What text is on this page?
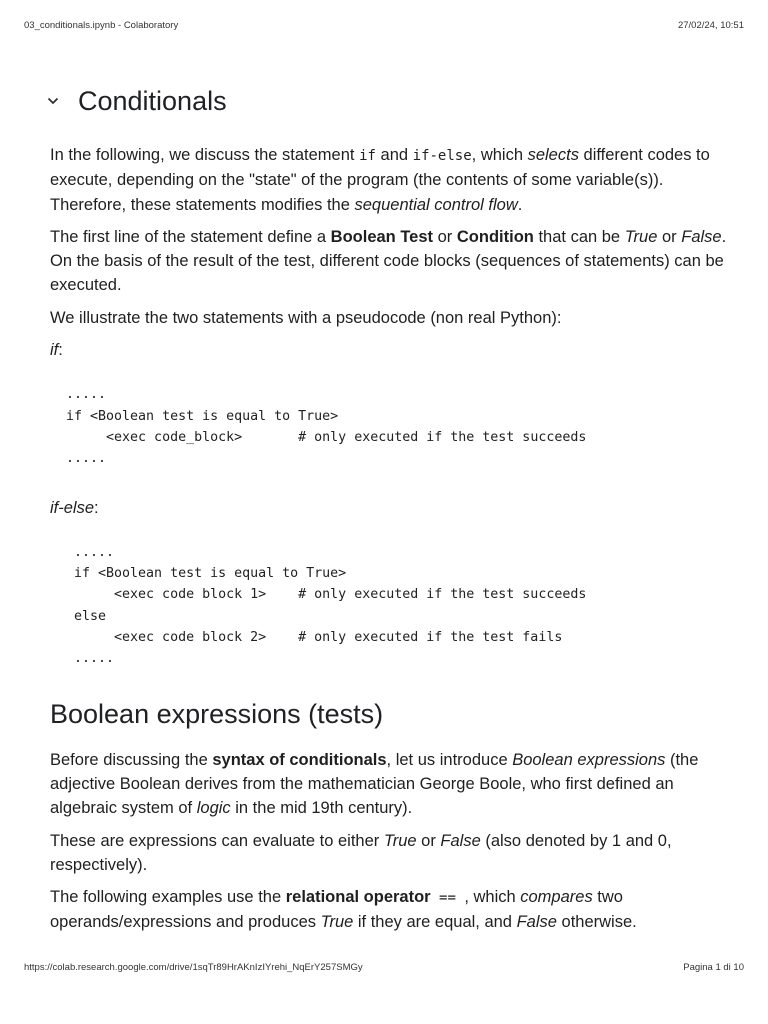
03_conditionals.ipynb - Colaboratory	27/02/24, 10:51
Conditionals

In the following, we discuss the statement if and if-else, which selects different codes to execute, depending on the "state" of the program (the contents of some variable(s)). Therefore, these statements modifies the sequential control flow.

The first line of the statement define a Boolean Test or Condition that can be True or False. On the basis of the result of the test, different code blocks (sequences of statements) can be executed.

We illustrate the two statements with a pseudocode (non real Python):

if:

.....
if <Boolean test is equal to True>
<exec code_block>       # only executed if the test succeeds
.....

if-else:

.....
if <Boolean test is equal to True>
<exec code block 1>    # only executed if the test succeeds
else
<exec code block 2>    # only executed if the test fails
.....
Boolean expressions (tests)

Before discussing the syntax of conditionals, let us introduce Boolean expressions (the adjective Boolean derives from the mathematician George Boole, who first defined an algebraic system of logic in the mid 19th century).

These are expressions can evaluate to either True or False (also denoted by 1 and 0, respectively).

The following examples use the relational operator == , which compares two operands/expressions and produces True if they are equal, and False otherwise.

https://colab.research.google.com/drive/1sqTr89HrAKnIzIYrehi_NqErY257SMGy	Pagina 1 di 10
